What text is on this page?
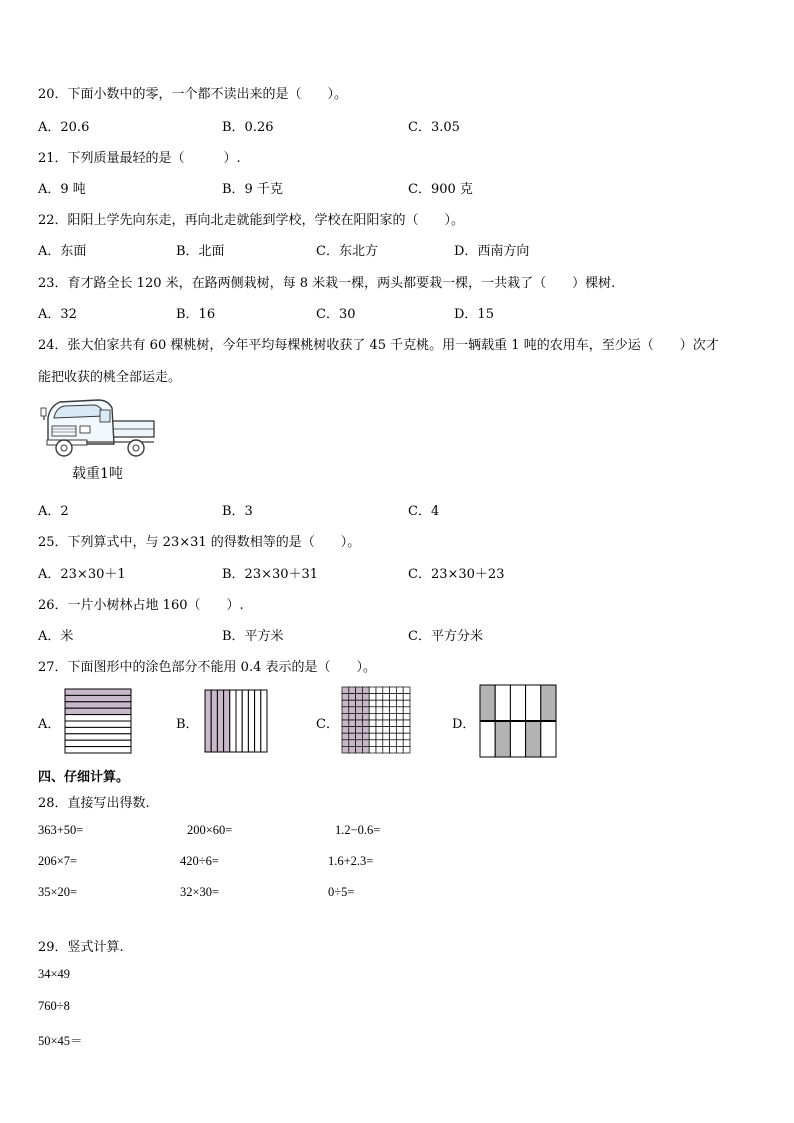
20．下面小数中的零，一个都不读出来的是（　　）。
A．20.6	B．0.26	C．3.05
21．下列质量最轻的是（　　　）.
A．9 吨	B．9 千克	C．900 克
22．阳阳上学先向东走，再向北走就能到学校，学校在阳阳家的（　　）。
A．东面	B．北面	C．东北方	D．西南方向
23．育才路全长 120 米，在路两侧栽树，每 8 米栽一棵，两头都要栽一棵，一共栽了（　　）棵树.
A．32	B．16	C．30	D．15
24．张大伯家共有 60 棵桃树，今年平均每棵桃树收获了 45 千克桃。用一辆载重 1 吨的农用车，至少运（　　）次才
能把收获的桃全部运走。
载重1吨
A．2	B．3	C．4
25．下列算式中，与 23×31 的得数相等的是（　　）。
A．23×30＋1	B．23×30＋31	C．23×30＋23
26．一片小树林占地 160（　　）.
A．米	B．平方米	C．平方分米
27．下面图形中的涂色部分不能用 0.4 表示的是（　　）。
A．	B．	C．	D．
四、仔细计算。
28．直接写出得数.
363+50=	200×60=	1.2−0.6=
206×7=	420÷6=	1.6+2.3=
35×20=	32×30=	0÷5=
29．竖式计算.
34×49
760÷8
50×45＝
